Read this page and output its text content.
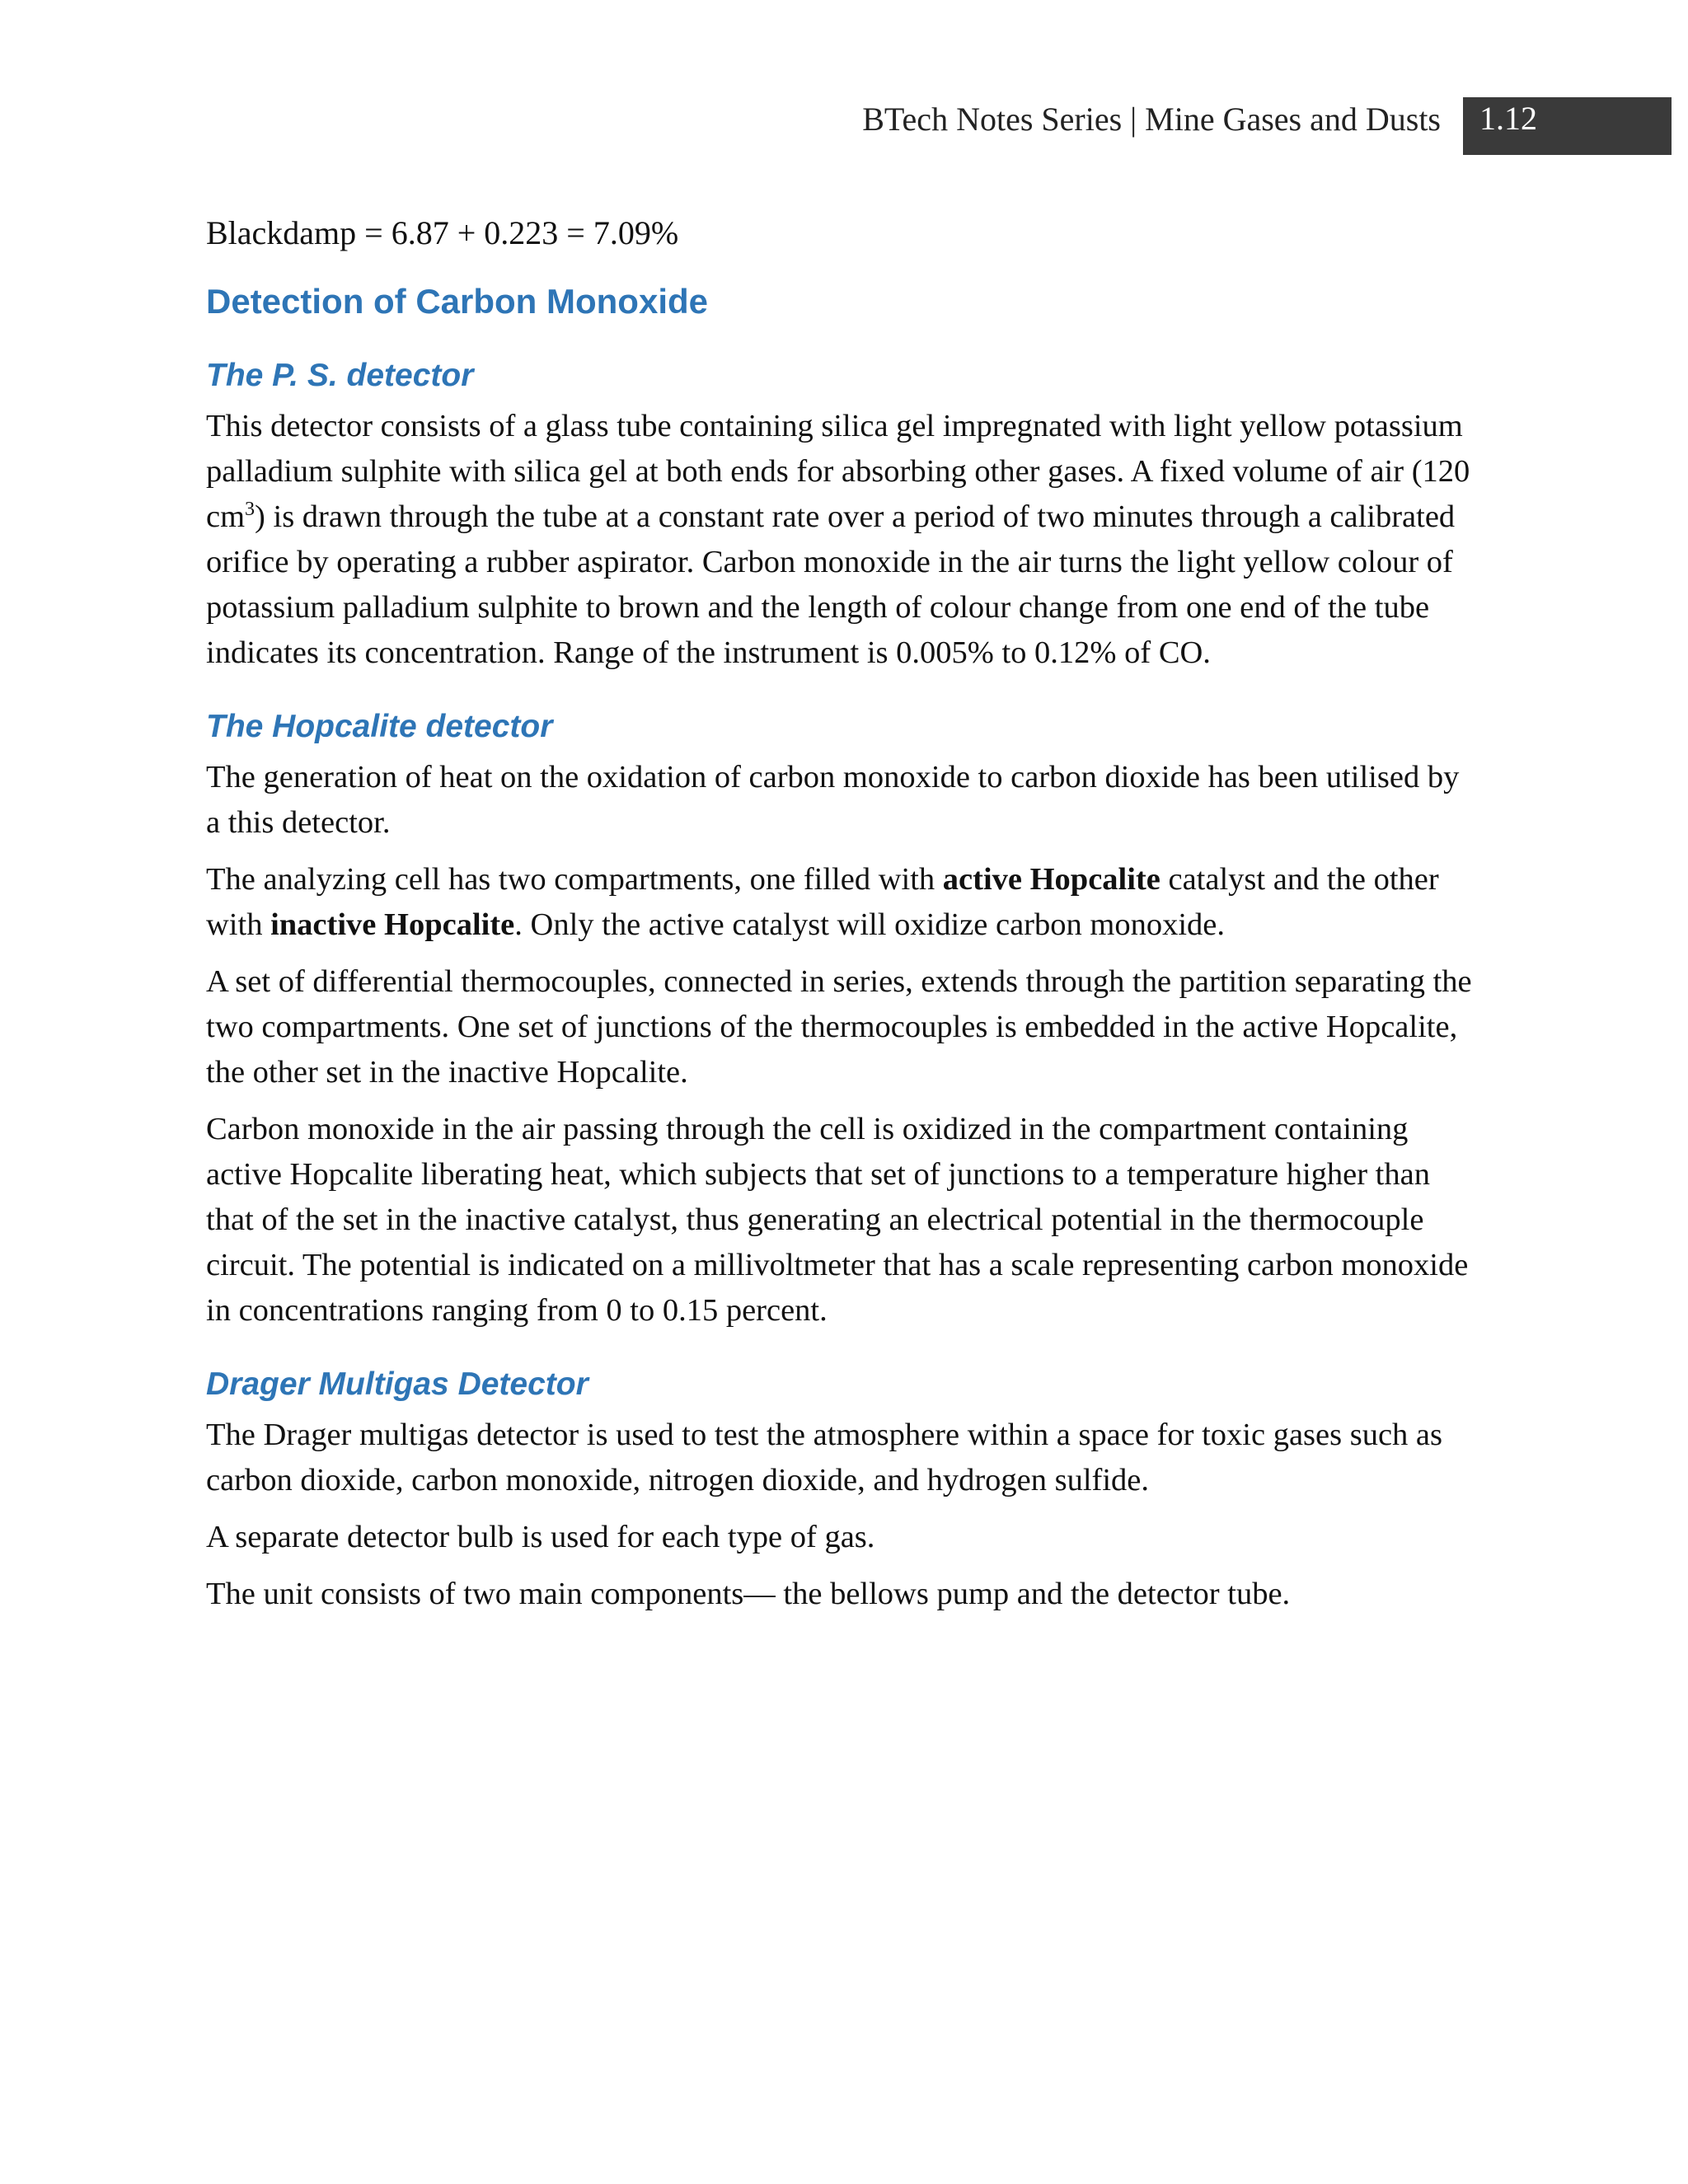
BTech Notes Series | Mine Gases and Dusts	1.12

Blackdamp = 6.87 + 0.223 = 7.09%

Detection of Carbon Monoxide
The P. S. detector

This detector consists of a glass tube containing silica gel impregnated with light yellow potassium palladium sulphite with silica gel at both ends for absorbing other gases. A fixed volume of air (120 $cm^3$) is drawn through the tube at a constant rate over a period of two minutes through a calibrated orifice by operating a rubber aspirator. Carbon monoxide in the air turns the light yellow colour of potassium palladium sulphite to brown and the length of colour change from one end of the tube indicates its concentration. Range of the instrument is 0.005% to 0.12% of CO.

The Hopcalite detector

The generation of heat on the oxidation of carbon monoxide to carbon dioxide has been utilised by a this detector.

The analyzing cell has two compartments, one filled with active Hopcalite catalyst and the other with inactive Hopcalite. Only the active catalyst will oxidize carbon monoxide.

A set of differential thermocouples, connected in series, extends through the partition separating the two compartments. One set of junctions of the thermocouples is embedded in the active Hopcalite, the other set in the inactive Hopcalite.

Carbon monoxide in the air passing through the cell is oxidized in the compartment containing active Hopcalite liberating heat, which subjects that set of junctions to a temperature higher than that of the set in the inactive catalyst, thus generating an electrical potential in the thermocouple circuit. The potential is indicated on a millivoltmeter that has a scale representing carbon monoxide in concentrations ranging from 0 to 0.15 percent.

Drager Multigas Detector

The Drager multigas detector is used to test the atmosphere within a space for toxic gases such as carbon dioxide, carbon monoxide, nitrogen dioxide, and hydrogen sulfide.

A separate detector bulb is used for each type of gas.

The unit consists of two main components— the bellows pump and the detector tube.
